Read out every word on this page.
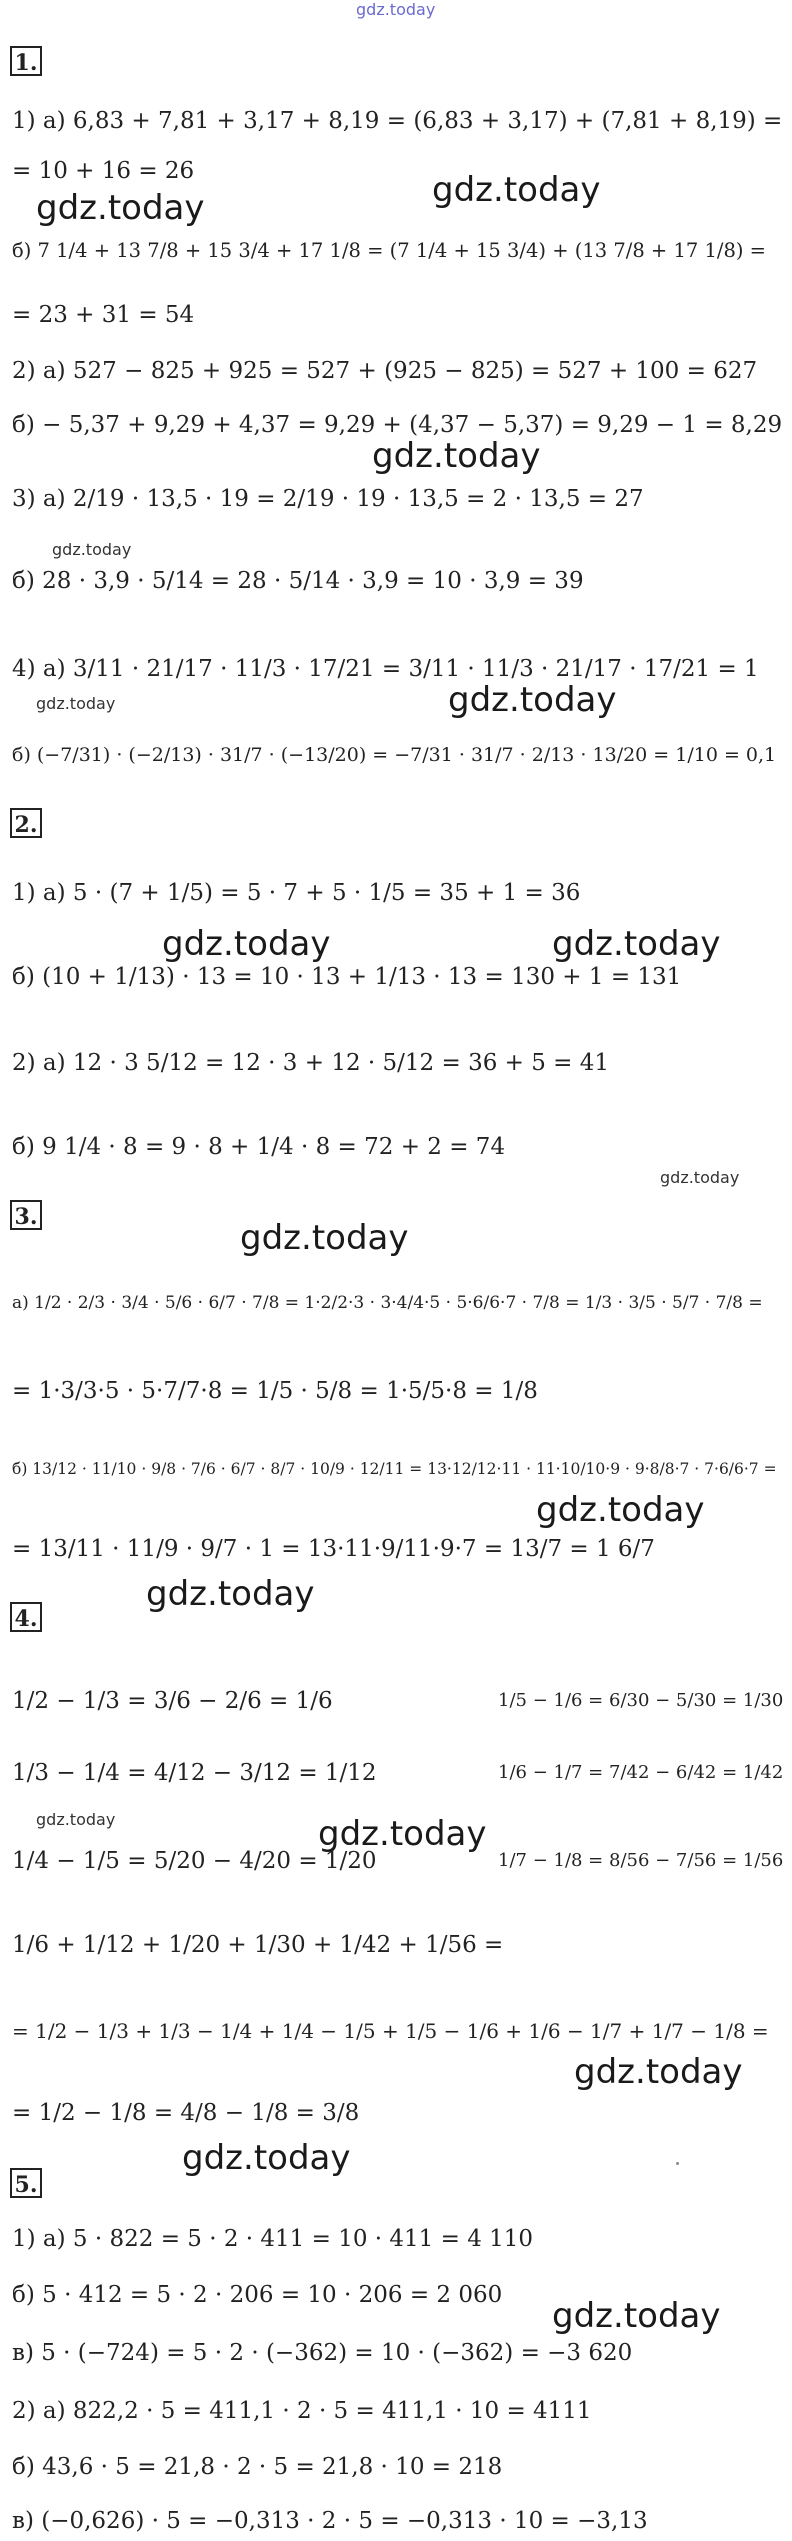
gdz.today
1.
1) а) 6,83 + 7,81 + 3,17 + 8,19 = (6,83 + 3,17) + (7,81 + 8,19) =
= 10 + 16 = 26
gdz.today	gdz.today
б) 7 1/4 + 13 7/8 + 15 3/4 + 17 1/8 = (7 1/4 + 15 3/4) + (13 7/8 + 17 1/8) =
= 23 + 31 = 54
2) а) 527 − 825 + 925 = 527 + (925 − 825) = 527 + 100 = 627
б) − 5,37 + 9,29 + 4,37 = 9,29 + (4,37 − 5,37) = 9,29 − 1 = 8,29
gdz.today
3) а) 2/19 · 13,5 · 19 = 2/19 · 19 · 13,5 = 2 · 13,5 = 27
gdz.today
б) 28 · 3,9 · 5/14 = 28 · 5/14 · 3,9 = 10 · 3,9 = 39
4) а) 3/11 · 21/17 · 11/3 · 17/21 = 3/11 · 11/3 · 21/17 · 17/21 = 1
gdz.today	gdz.today
б) (−7/31) · (−2/13) · 31/7 · (−13/20) = −7/31 · 31/7 · 2/13 · 13/20 = 1/10 = 0,1
2.
1) а) 5 · (7 + 1/5) = 5 · 7 + 5 · 1/5 = 35 + 1 = 36
gdz.today	gdz.today
б) (10 + 1/13) · 13 = 10 · 13 + 1/13 · 13 = 130 + 1 = 131
2) а) 12 · 3 5/12 = 12 · 3 + 12 · 5/12 = 36 + 5 = 41
б) 9 1/4 · 8 = 9 · 8 + 1/4 · 8 = 72 + 2 = 74
gdz.today
3.
gdz.today
а) 1/2 · 2/3 · 3/4 · 5/6 · 6/7 · 7/8 = 1·2/2·3 · 3·4/4·5 · 5·6/6·7 · 7/8 = 1/3 · 3/5 · 5/7 · 7/8 =
= 1·3/3·5 · 5·7/7·8 = 1/5 · 5/8 = 1·5/5·8 = 1/8
б) 13/12 · 11/10 · 9/8 · 7/6 · 6/7 · 8/7 · 10/9 · 12/11 = 13·12/12·11 · 11·10/10·9 · 9·8/8·7 · 7·6/6·7 =
gdz.today
= 13/11 · 11/9 · 9/7 · 1 = 13·11·9/11·9·7 = 13/7 = 1 6/7
gdz.today
4.
1/2 − 1/3 = 3/6 − 2/6 = 1/6	1/5 − 1/6 = 6/30 − 5/30 = 1/30
1/3 − 1/4 = 4/12 − 3/12 = 1/12	1/6 − 1/7 = 7/42 − 6/42 = 1/42
gdz.today	gdz.today
1/4 − 1/5 = 5/20 − 4/20 = 1/20	1/7 − 1/8 = 8/56 − 7/56 = 1/56
1/6 + 1/12 + 1/20 + 1/30 + 1/42 + 1/56 =
= 1/2 − 1/3 + 1/3 − 1/4 + 1/4 − 1/5 + 1/5 − 1/6 + 1/6 − 1/7 + 1/7 − 1/8 =
gdz.today
= 1/2 − 1/8 = 4/8 − 1/8 = 3/8
gdz.today
5.
1) а) 5 · 822 = 5 · 2 · 411 = 10 · 411 = 4 110
б) 5 · 412 = 5 · 2 · 206 = 10 · 206 = 2 060
gdz.today
в) 5 · (−724) = 5 · 2 · (−362) = 10 · (−362) = −3 620
2) а) 822,2 · 5 = 411,1 · 2 · 5 = 411,1 · 10 = 4111
б) 43,6 · 5 = 21,8 · 2 · 5 = 21,8 · 10 = 218
в) (−0,626) · 5 = −0,313 · 2 · 5 = −0,313 · 10 = −3,13
